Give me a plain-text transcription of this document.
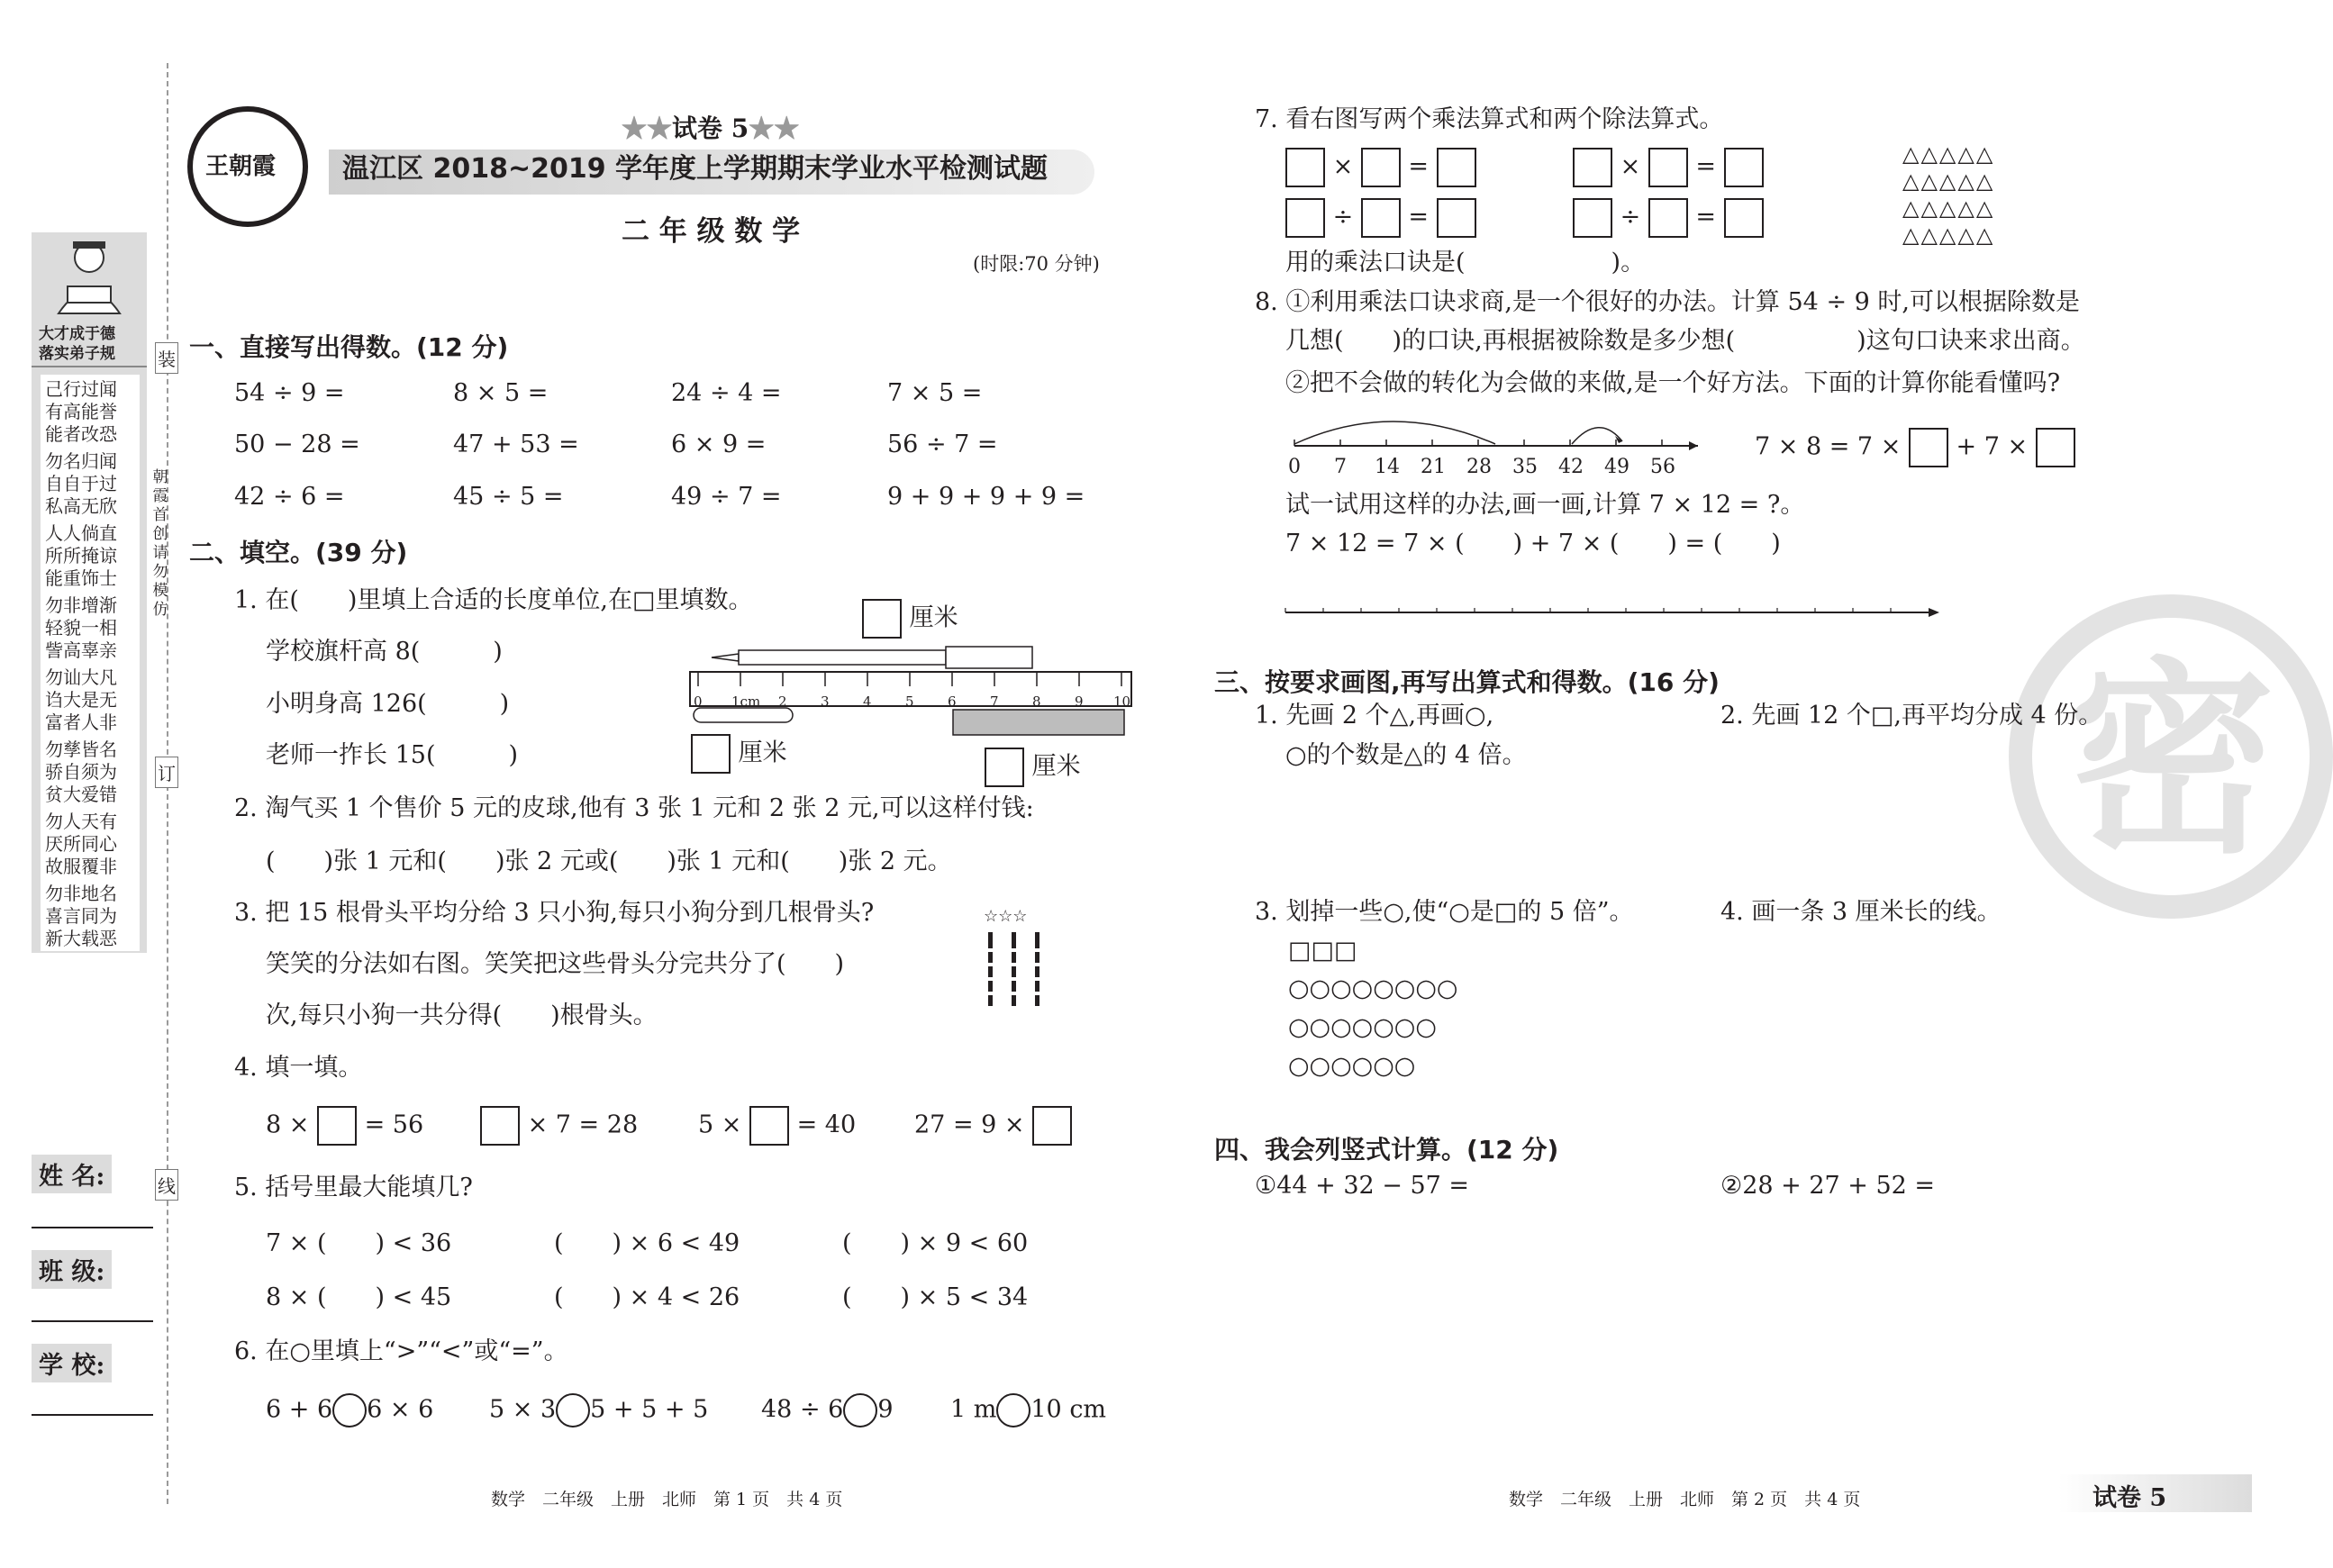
大才成于德
落实弟子规
己行过闻有高能誉能者改恐
勿名归闻自自于过私高无欣
人人倘直所所掩谅能重饰士
勿非增渐轻貌一相訾高辜亲
勿讪大凡诌大是无富者人非
勿孳皆名骄自须为贫大爱错
勿人天有厌所同心故服覆非
勿非地名喜言同为新大载恶
装
朝霞首创 请勿模仿
订
线
姓 名:
班 级:
学 校:
王朝霞
★★试卷 5★★
温江区 2018~2019 学年度上学期期末学业水平检测试题
二 年 级 数 学
(时限:70 分钟)
一、直接写出得数。(12 分)
54 ÷ 9 =	8 × 5 =	24 ÷ 4 =	7 × 5 =
50 − 28 =	47 + 53 =	6 × 9 =	56 ÷ 7 =
42 ÷ 6 =	45 ÷ 5 =	49 ÷ 7 =	9 + 9 + 9 + 9 =
二、填空。(39 分)
1. 在(　　)里填上合适的长度单位,在□里填数。
学校旗杆高 8(　　　)
小明身高 126(　　　)
老师一拃长 15(　　　)
厘米
厘米	厘米
0 1cm 2 3 4 5 6 7 8 9 10
2. 淘气买 1 个售价 5 元的皮球,他有 3 张 1 元和 2 张 2 元,可以这样付钱:
(　　)张 1 元和(　　)张 2 元或(　　)张 1 元和(　　)张 2 元。
3. 把 15 根骨头平均分给 3 只小狗,每只小狗分到几根骨头?
笑笑的分法如右图。笑笑把这些骨头分完共分了(　　)
次,每只小狗一共分得(　　)根骨头。
☆☆☆
4. 填一填。
8 × = 56	× 7 = 28 5 × = 40 27 = 9 ×
5. 括号里最大能填几?
7 × (　　) < 36	(　　) × 6 < 49	(　　) × 9 < 60
8 × (　　) < 45	(　　) × 4 < 26	(　　) × 5 < 34
6. 在○里填上“>”“<”或“=”。
6 + 6 6 × 6 5 × 3 5 + 5 + 5 48 ÷ 6 9 1 m 10 cm
7. 看右图写两个乘法算式和两个除法算式。
× =	× =
÷ =	÷ =
用的乘法口诀是(　　　　　　)。
△△△△△
△△△△△
△△△△△
△△△△△
8. ①利用乘法口诀求商,是一个很好的办法。计算 54 ÷ 9 时,可以根据除数是
几想(　　)的口诀,再根据被除数是多少想(　　　　　)这句口诀来求出商。
②把不会做的转化为会做的来做,是一个好方法。下面的计算你能看懂吗?
0 7 14 21 28 35 42 49 56
7 × 8 = 7 × + 7 ×
试一试用这样的办法,画一画,计算 7 × 12 = ?。
7 × 12 = 7 × (　　) + 7 × (　　) = (　　)
密
三、按要求画图,再写出算式和得数。(16 分)
1. 先画 2 个△,再画○,
○的个数是△的 4 倍。
2. 先画 12 个□,再平均分成 4 份。
3. 划掉一些○,使“○是□的 5 倍”。	4. 画一条 3 厘米长的线。
□□□
○○○○○○○○
○○○○○○○
○○○○○○
四、我会列竖式计算。(12 分)
①44 + 32 − 57 =	②28 + 27 + 52 =
数学　二年级　上册　北师　第 1 页　共 4 页	数学　二年级　上册　北师　第 2 页　共 4 页	试卷 5
